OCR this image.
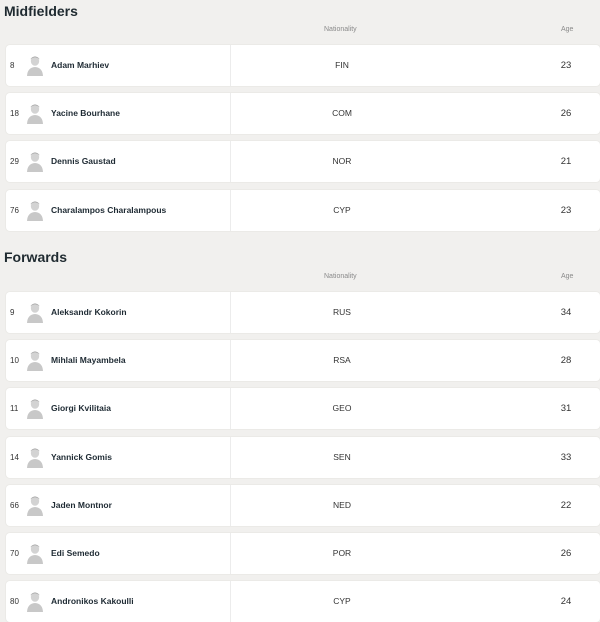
Midfielders
Nationality	Age
8	Adam Marhiev	FIN	23
18	Yacine Bourhane	COM	26
29	Dennis Gaustad	NOR	21
76	Charalampos Charalampous	CYP	23
Forwards
Nationality	Age
9	Aleksandr Kokorin	RUS	34
10	Mihlali Mayambela	RSA	28
11	Giorgi Kvilitaia	GEO	31
14	Yannick Gomis	SEN	33
66	Jaden Montnor	NED	22
70	Edi Semedo	POR	26
80	Andronikos Kakoulli	CYP	24
